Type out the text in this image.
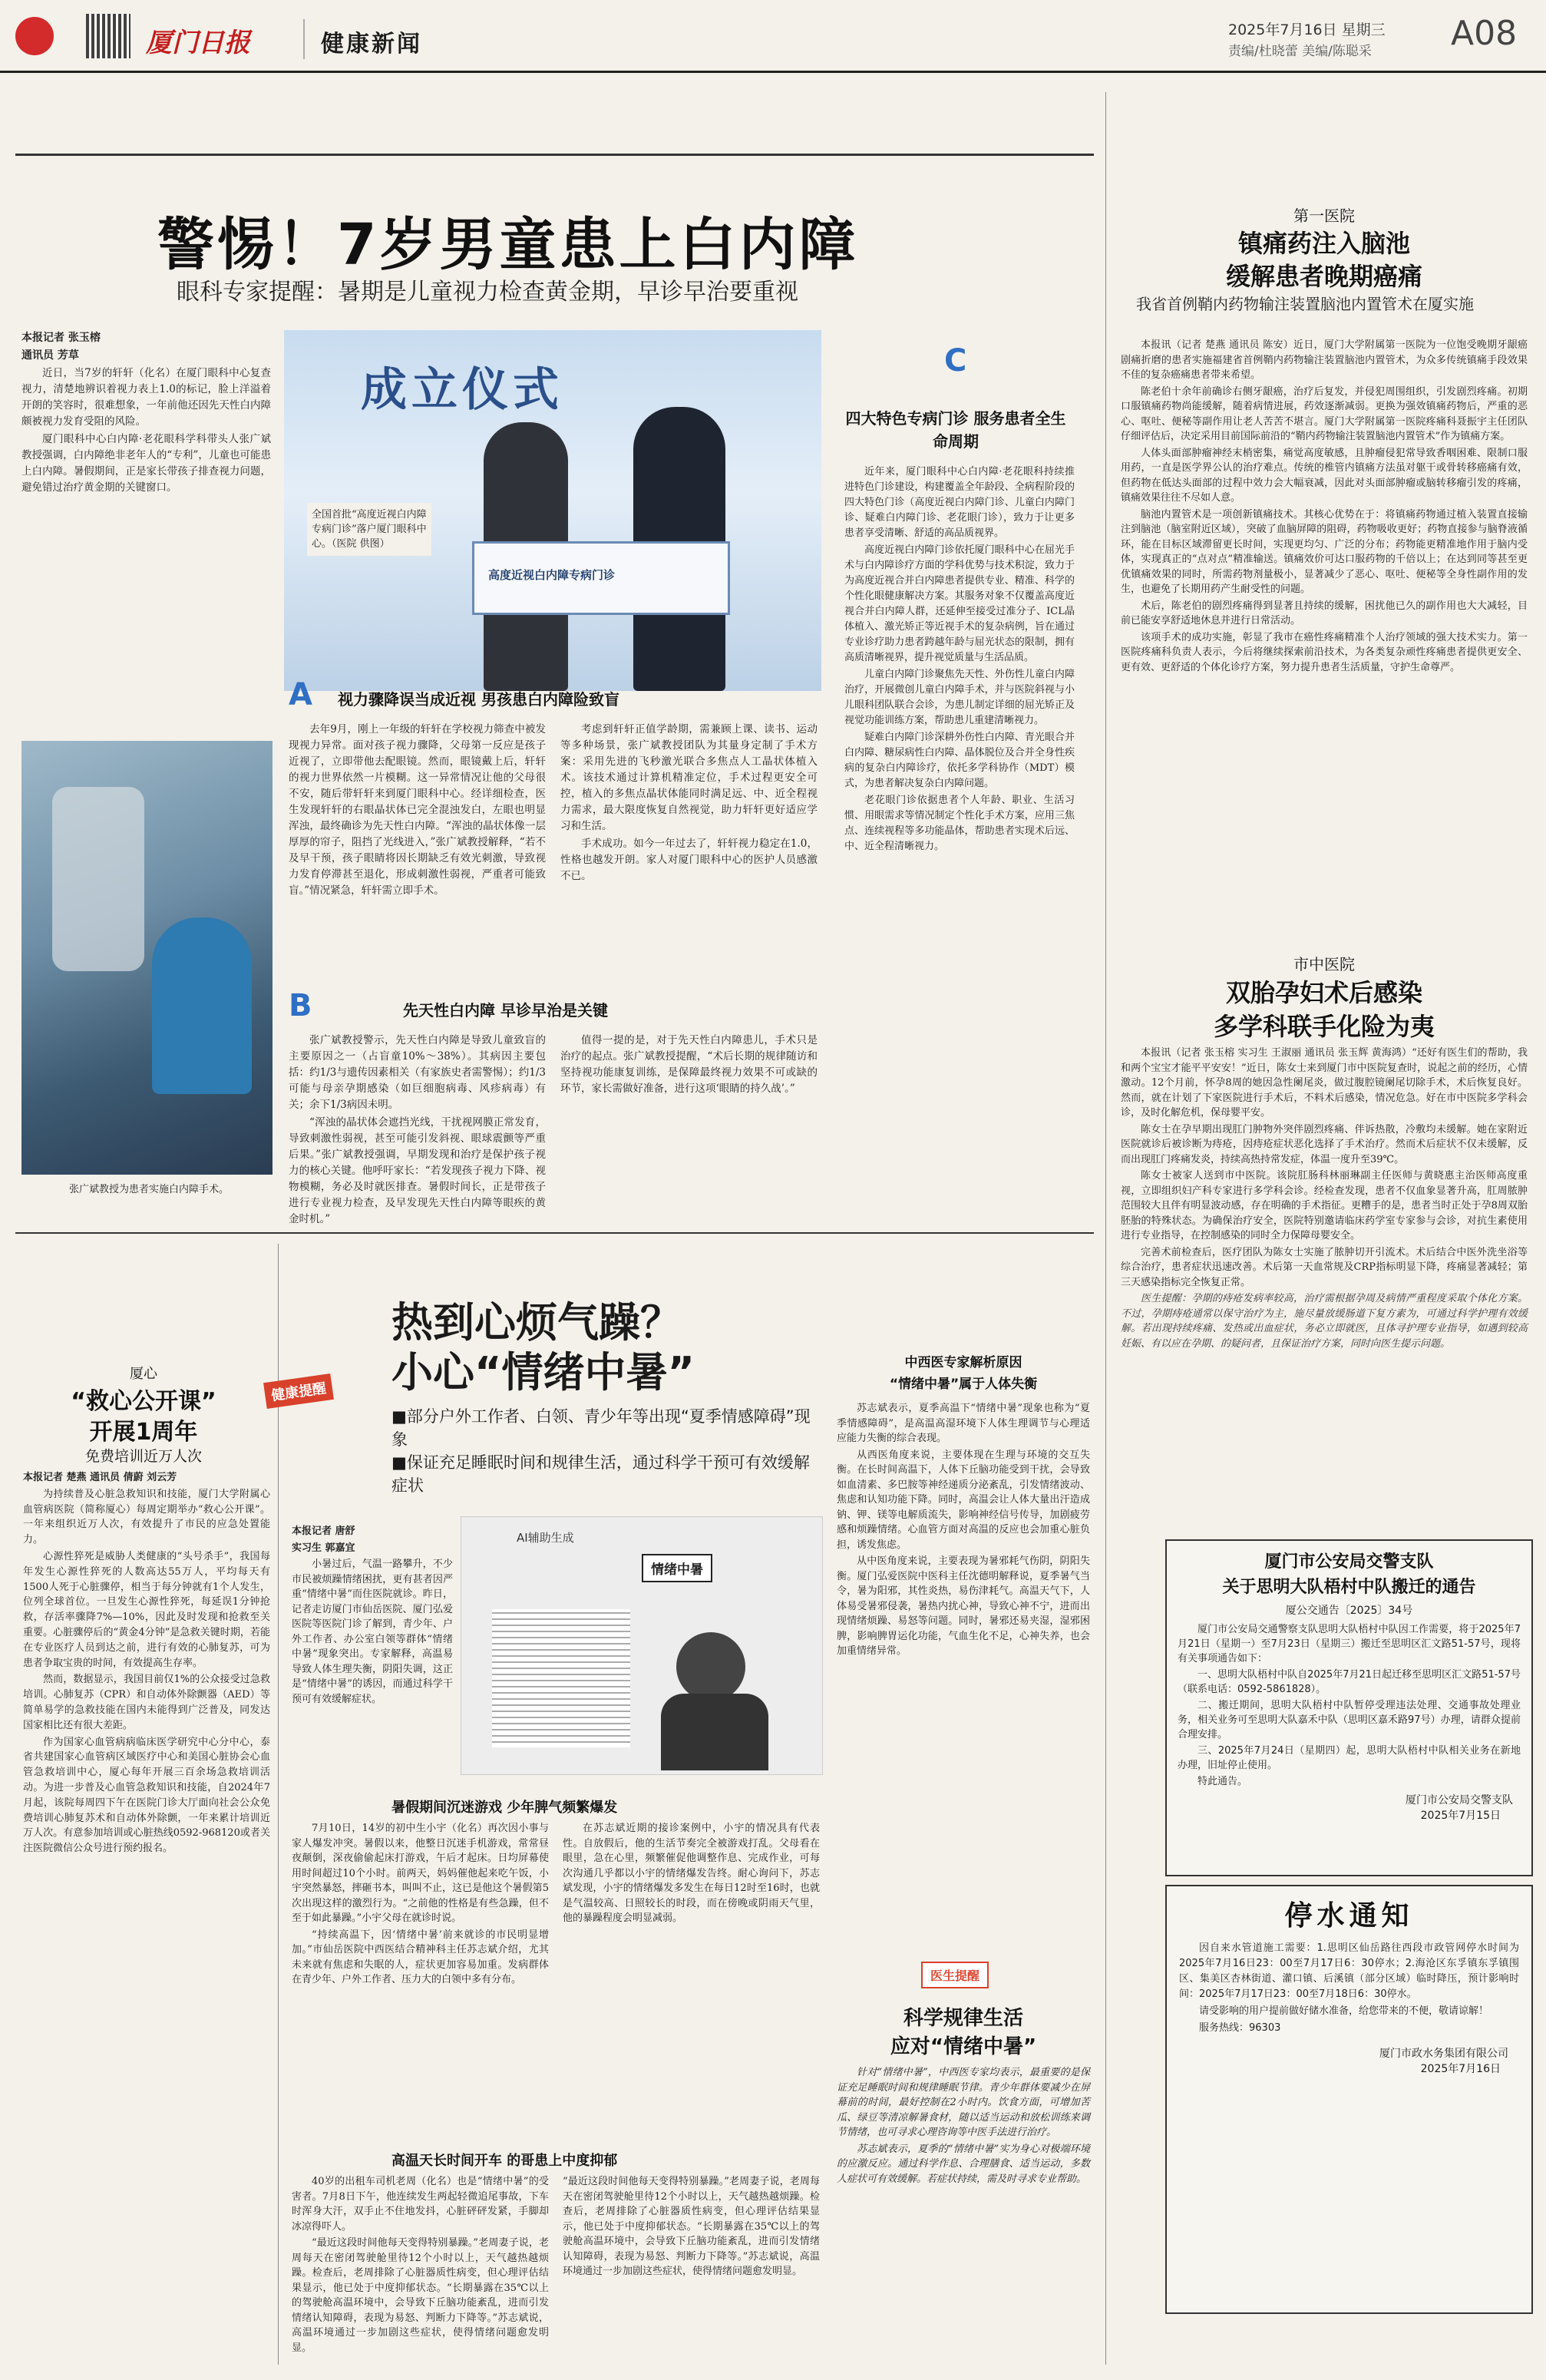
厦门日报	健康新闻
2025年7月16日 星期三
责编/杜晓蕾 美编/陈聪采 A08
警惕！7岁男童患上白内障
眼科专家提醒：暑期是儿童视力检查黄金期，早诊早治要重视

本报记者 张玉榕

通讯员 芳草

近日，当7岁的轩轩（化名）在厦门眼科中心复查视力，清楚地辨识着视力表上1.0的标记，脸上洋溢着开朗的笑容时，很难想象，一年前他还因先天性白内障颇被视力发育受阻的风险。

厦门眼科中心白内障·老花眼科学科带头人张广斌教授强调，白内障绝非老年人的“专利”，儿童也可能患上白内障。暑假期间，正是家长带孩子排查视力问题，避免错过治疗黄金期的关键窗口。

张广斌教授为患者实施白内障手术。
成立仪式
高度近视白内障专病门诊
全国首批“高度近视白内障专病门诊”落户厦门眼科中心。（医院 供图）
A	视力骤降误当成近视 男孩患白内障险致盲

去年9月，刚上一年级的轩轩在学校视力筛查中被发现视力异常。面对孩子视力骤降，父母第一反应是孩子近视了，立即带他去配眼镜。然而，眼镜戴上后，轩轩的视力世界依然一片模糊。这一异常情况让他的父母很不安，随后带轩轩来到厦门眼科中心。经详细检查，医生发现轩轩的右眼晶状体已完全混浊发白，左眼也明显浑浊，最终确诊为先天性白内障。“浑浊的晶状体像一层厚厚的帘子，阻挡了光线进入，”张广斌教授解释，“若不及早干预，孩子眼睛将因长期缺乏有效光刺激，导致视力发育停滞甚至退化，形成刺激性弱视，严重者可能致盲。”情况紧急，轩轩需立即手术。

考虑到轩轩正值学龄期，需兼顾上课、读书、运动等多种场景，张广斌教授团队为其量身定制了手术方案：采用先进的飞秒激光联合多焦点人工晶状体植入术。该技术通过计算机精准定位，手术过程更安全可控，植入的多焦点晶状体能同时满足远、中、近全程视力需求，最大限度恢复自然视觉，助力轩轩更好适应学习和生活。

手术成功。如今一年过去了，轩轩视力稳定在1.0，性格也越发开朗。家人对厦门眼科中心的医护人员感激不已。

B	先天性白内障 早诊早治是关键

张广斌教授警示，先天性白内障是导致儿童致盲的主要原因之一（占盲童10%～38%）。其病因主要包括：约1/3与遗传因素相关（有家族史者需警惕）；约1/3可能与母亲孕期感染（如巨细胞病毒、风疹病毒）有关；余下1/3病因未明。

“浑浊的晶状体会遮挡光线，干扰视网膜正常发育，导致刺激性弱视，甚至可能引发斜视、眼球震颤等严重后果。”张广斌教授强调，早期发现和治疗是保护孩子视力的核心关键。他呼吁家长：“若发现孩子视力下降、视物模糊，务必及时就医排查。暑假时间长，正是带孩子进行专业视力检查，及早发现先天性白内障等眼疾的黄金时机。”

值得一提的是，对于先天性白内障患儿，手术只是治疗的起点。张广斌教授提醒，“术后长期的规律随访和坚持视功能康复训练，是保障最终视力效果不可或缺的环节，家长需做好准备，进行这项‘眼睛的持久战’。”

C
四大特色专病门诊 服务患者全生命周期

近年来，厦门眼科中心白内障·老花眼科持续推进特色门诊建设，构建覆盖全年龄段、全病程阶段的四大特色门诊（高度近视白内障门诊、儿童白内障门诊、疑难白内障门诊、老花眼门诊），致力于让更多患者享受清晰、舒适的高品质视界。

高度近视白内障门诊依托厦门眼科中心在屈光手术与白内障诊疗方面的学科优势与技术积淀，致力于为高度近视合并白内障患者提供专业、精准、科学的个性化眼健康解决方案。其服务对象不仅覆盖高度近视合并白内障人群，还延伸至接受过准分子、ICL晶体植入、激光矫正等近视手术的复杂病例，旨在通过专业诊疗助力患者跨越年龄与屈光状态的限制，拥有高质清晰视界，提升视觉质量与生活品质。

儿童白内障门诊聚焦先天性、外伤性儿童白内障治疗，开展微创儿童白内障手术，并与医院斜视与小儿眼科团队联合会诊，为患儿制定详细的屈光矫正及视觉功能训练方案，帮助患儿重建清晰视力。

疑难白内障门诊深耕外伤性白内障、青光眼合并白内障、糖尿病性白内障、晶体脱位及合并全身性疾病的复杂白内障诊疗，依托多学科协作（MDT）模式，为患者解决复杂白内障问题。

老花眼门诊依据患者个人年龄、职业、生活习惯、用眼需求等情况制定个性化手术方案，应用三焦点、连续视程等多功能晶体，帮助患者实现术后远、中、近全程清晰视力。

第一医院
镇痛药注入脑池
缓解患者晚期癌痛
我省首例鞘内药物输注装置脑池内置管术在厦实施

本报讯（记者 楚燕 通讯员 陈安）近日，厦门大学附属第一医院为一位饱受晚期牙龈癌剧痛折磨的患者实施福建省首例鞘内药物输注装置脑池内置管术，为众多传统镇痛手段效果不佳的复杂癌痛患者带来希望。

陈老伯十余年前确诊右侧牙龈癌，治疗后复发，并侵犯周围组织，引发剧烈疼痛。初期口服镇痛药物尚能缓解，随着病情进展，药效逐渐减弱。更换为强效镇痛药物后，严重的恶心、呕吐、便秘等副作用让老人苦苦不堪言。厦门大学附属第一医院疼痛科聂振宇主任团队仔细评估后，决定采用目前国际前沿的“鞘内药物输注装置脑池内置管术”作为镇痛方案。

人体头面部肿瘤神经末梢密集，痛觉高度敏感，且肿瘤侵犯常导致香咽困难、限制口服用药，一直是医学界公认的治疗难点。传统的椎管内镇痛方法虽对躯干或骨转移癌痛有效，但药物在低达头面部的过程中效力会大幅衰减，因此对头面部肿瘤或脑转移瘤引发的疼痛，镇痛效果往往不尽如人意。

脑池内置管术是一项创新镇痛技术。其核心优势在于：将镇痛药物通过植入装置直接输注到脑池（脑室附近区域），突破了血脑屏障的阻碍，药物吸收更好；药物直接参与脑脊液循环，能在目标区域滞留更长时间，实现更均匀、广泛的分布；药物能更精准地作用于脑内受体，实现真正的“点对点”精准输送。镇痛效价可达口服药物的千倍以上；在达到同等甚至更优镇痛效果的同时，所需药物剂量极小，显著减少了恶心、呕吐、便秘等全身性副作用的发生，也避免了长期用药产生耐受性的问题。

术后，陈老伯的剧烈疼痛得到显著且持续的缓解，困扰他已久的副作用也大大减轻，目前已能安享舒适地休息并进行日常活动。

该项手术的成功实施，彰显了我市在癌性疼痛精准个人治疗领域的强大技术实力。第一医院疼痛科负责人表示，今后将继续探索前沿技术，为各类复杂顽性疼痛患者提供更安全、更有效、更舒适的个体化诊疗方案，努力提升患者生活质量，守护生命尊严。

市中医院
双胎孕妇术后感染
多学科联手化险为夷

本报讯（记者 张玉榕 实习生 王淑丽 通讯员 张玉辉 黄海鸿）“还好有医生们的帮助，我和两个宝宝才能平平安安！”近日，陈女士来到厦门市中医院复查时，说起之前的经历，心情激动。12个月前，怀孕8周的她因急性阑尾炎，做过腹腔镜阑尾切除手术，术后恢复良好。然而，就在计划了下家医院进行手术后，不料术后感染，情况危急。好在市中医院多学科会诊，及时化解危机，保母婴平安。

陈女士在孕早期出现肛门肿物外突伴剧烈疼痛、伴诉热散，冷敷均未缓解。她在家附近医院就诊后被诊断为痔疮，因痔疮症状恶化选择了手术治疗。然而术后症状不仅未缓解，反而出现肛门疼痛发炎，持续高热持常发症，体温一度升至39℃。

陈女士被家人送到市中医院。该院肛肠科林丽琳副主任医师与黄晓惠主治医师高度重视，立即组织妇产科专家进行多学科会诊。经检查发现，患者不仅血象显著升高，肛周脓肿范围较大且伴有明显波动感，存在明确的手术指征。更糟手的是，患者当时正处于孕8周双胎胚胎的特殊状态。为确保治疗安全，医院特别邀请临床药学室专家参与会诊，对抗生素使用进行专业指导，在控制感染的同时全力保障母婴安全。

完善术前检查后，医疗团队为陈女士实施了脓肿切开引流术。术后结合中医外洗坐浴等综合治疗，患者症状迅速改善。术后第一天血常规及CRP指标明显下降，疼痛显著减轻；第三天感染指标完全恢复正常。

医生提醒：孕期的痔疮发病率较高，治疗需根据孕周及病情严重程度采取个体化方案。不过，孕期痔疮通常以保守治疗为主，施尽量放缓肠道下复方素为，可通过科学护理有效缓解。若出现持续疼痛、发热或出血症状，务必立即就医，且体寻护理专业指导，如遇到较高妊娠、有以应在孕期、的疑问者，且保证治疗方案，同时向医生提示问题。

厦门市公安局交警支队
关于思明大队梧村中队搬迁的通告
厦公交通告〔2025〕34号

厦门市公安局交通警察支队思明大队梧村中队因工作需要，将于2025年7月21日（星期一）至7月23日（星期三）搬迁至思明区汇文路51-57号，现将有关事项通告如下：

一、思明大队梧村中队自2025年7月21日起迁移至思明区汇文路51-57号（联系电话：0592-5861828）。

二、搬迁期间，思明大队梧村中队暂停受理违法处理、交通事故处理业务，相关业务可至思明大队嘉禾中队（思明区嘉禾路97号）办理，请群众提前合理安排。

三、2025年7月24日（星期四）起，思明大队梧村中队相关业务在新地办理，旧址停止使用。

特此通告。

厦门市公安局交警支队
2025年7月15日
停水通知

因自来水管道施工需要：1.思明区仙岳路往西段市政管网停水时间为2025年7月16日23：00至7月17日6：30停水；2.海沧区东孚镇东孚镇围区、集美区杏林街道、灌口镇、后溪镇（部分区域）临时降压，预计影响时间：2025年7月17日23：00至7月18日6：30停水。

请受影响的用户提前做好储水准备，给您带来的不便，敬请谅解！

服务热线：96303

厦门市政水务集团有限公司
2025年7月16日
厦心
“救心公开课”
开展1周年
免费培训近万人次

本报记者 楚燕 通讯员 倩蔚 刘云芳

为持续普及心脏急救知识和技能，厦门大学附属心血管病医院（简称厦心）每周定期举办“救心公开课”。一年来组织近万人次，有效提升了市民的应急处置能力。

心源性猝死是威胁人类健康的“头号杀手”，我国每年发生心源性猝死的人数高达55万人，平均每天有1500人死于心脏骤停，相当于每分钟就有1个人发生，位列全球首位。一旦发生心源性猝死，每延误1分钟抢救，存活率骤降7%—10%，因此及时发现和抢救至关重要。心脏骤停后的“黄金4分钟”是急救关键时期，若能在专业医疗人员到达之前，进行有效的心肺复苏，可为患者争取宝贵的时间，有效提高生存率。

然而，数据显示，我国目前仅1%的公众接受过急救培训。心肺复苏（CPR）和自动体外除颤器（AED）等简单易学的急救技能在国内未能得到广泛普及，同发达国家相比还有很大差距。

作为国家心血管病病临床医学研究中心分中心，泰省共建国家心血管病区域医疗中心和美国心脏协会心血管急救培训中心，厦心每年开展三百余场急救培训活动。为进一步普及心血管急救知识和技能，自2024年7月起，该院每周四下午在医院门诊大厅面向社会公众免费培训心肺复苏术和自动体外除颤，一年来累计培训近万人次。有意参加培训或心脏热线0592-968120或者关注医院微信公众号进行预约报名。

健康提醒
热到心烦气躁？
小心“情绪中暑”
■部分户外工作者、白领、青少年等出现“夏季情感障碍”现象
■保证充足睡眠时间和规律生活，通过科学干预可有效缓解症状

本报记者 唐舒

实习生 郭嘉宜

小暑过后，气温一路攀升，不少市民被烦躁情绪困扰，更有甚者因严重“情绪中暑”而住医院就诊。昨日，记者走访厦门市仙岳医院、厦门弘爱医院等医院门诊了解到，青少年、户外工作者、办公室白领等群体“情绪中暑”现象突出。专家解释，高温易导致人体生理失衡，阴阳失调，这正是“情绪中暑”的诱因，而通过科学干预可有效缓解症状。

AI辅助生成
情绪中暑
暑假期间沉迷游戏 少年脾气频繁爆发

7月10日，14岁的初中生小宇（化名）再次因小事与家人爆发冲突。暑假以来，他整日沉迷手机游戏，常常昼夜颠倒，深夜偷偷起床打游戏，午后才起床。日均屏幕使用时间超过10个小时。前两天，妈妈催他起来吃午饭，小宇突然暴怒，摔砸书本，叫叫不止，这已是他这个暑假第5次出现这样的激烈行为。“之前他的性格是有些急躁，但不至于如此暴躁。”小宇父母在就诊时说。

“持续高温下，因‘情绪中暑’前来就诊的市民明显增加。”市仙岳医院中西医结合精神科主任苏志斌介绍，尤其未来就有焦虑和失眠的人，症状更加容易加重。发病群体在青少年、户外工作者、压力大的白领中多有分布。

在苏志斌近期的接诊案例中，小宇的情况具有代表性。自放假后，他的生活节奏完全被游戏打乱。父母看在眼里，急在心里，频繁催促他调整作息、完成作业，可每次沟通几乎都以小宇的情绪爆发告终。耐心询问下，苏志斌发现，小宇的情绪爆发多发生在每日12时至16时，也就是气温较高、日照较长的时段，而在傍晚或阴雨天气里，他的暴躁程度会明显减弱。

高温天长时间开车 的哥患上中度抑郁

40岁的出租车司机老周（化名）也是“情绪中暑”的受害者。7月8日下午，他连续发生两起轻微追尾事故，下车时浑身大汗，双手止不住地发抖，心脏砰砰发紧，手脚却冰凉得吓人。

“最近这段时间他每天变得特别暴躁。”老周妻子说，老周每天在密闭驾驶舱里待12个小时以上，天气越热越烦躁。检查后，老周排除了心脏器质性病变，但心理评估结果显示，他已处于中度抑郁状态。“长期暴露在35℃以上的驾驶舱高温环境中，会导致下丘脑功能紊乱，进而引发情绪认知障碍，表现为易怒、判断力下降等。”苏志斌说，高温环境通过一步加剧这些症状，使得情绪问题愈发明显。

“最近这段时间他每天变得特别暴躁。”老周妻子说，老周每天在密闭驾驶舱里待12个小时以上，天气越热越烦躁。检查后，老周排除了心脏器质性病变，但心理评估结果显示，他已处于中度抑郁状态。“长期暴露在35℃以上的驾驶舱高温环境中，会导致下丘脑功能紊乱，进而引发情绪认知障碍，表现为易怒、判断力下降等。”苏志斌说，高温环境通过一步加剧这些症状，使得情绪问题愈发明显。

中西医专家解析原因
“情绪中暑”属于人体失衡

苏志斌表示，夏季高温下“情绪中暑”现象也称为“夏季情感障碍”，是高温高湿环境下人体生理调节与心理适应能力失衡的综合表现。

从西医角度来说，主要体现在生理与环境的交互失衡。在长时间高温下，人体下丘脑功能受到干扰，会导致如血清素、多巴胺等神经递质分泌紊乱，引发情绪波动、焦虑和认知功能下降。同时，高温会让人体大量出汗造成钠、钾、镁等电解质流失，影响神经信号传导，加剧疲劳感和烦躁情绪。心血管方面对高温的反应也会加重心脏负担，诱发焦虑。

从中医角度来说，主要表现为暑邪耗气伤阴，阴阳失衡。厦门弘爱医院中医科主任沈德明解释说，夏季暑气当令，暑为阳邪，其性炎热，易伤津耗气。高温天气下，人体易受暑邪侵袭，暑热内扰心神，导致心神不宁，进而出现情绪烦躁、易怒等问题。同时，暑邪还易夹湿，湿邪困脾，影响脾胃运化功能，气血生化不足，心神失养，也会加重情绪异常。

医生提醒
科学规律生活
应对“情绪中暑”

针对“情绪中暑”，中西医专家均表示，最重要的是保证充足睡眠时间和规律睡眠节律。青少年群体要减少在屏幕前的时间，最好控制在2小时内。饮食方面，可增加苦瓜、绿豆等清凉解暑食材，随以适当运动和放松训练来调节情绪，也可寻求心理咨询等中医手法进行治疗。

苏志斌表示，夏季的“情绪中暑”实为身心对极端环境的应激反应。通过科学作息、合理膳食、适当运动，多数人症状可有效缓解。若症状持续，需及时寻求专业帮助。
